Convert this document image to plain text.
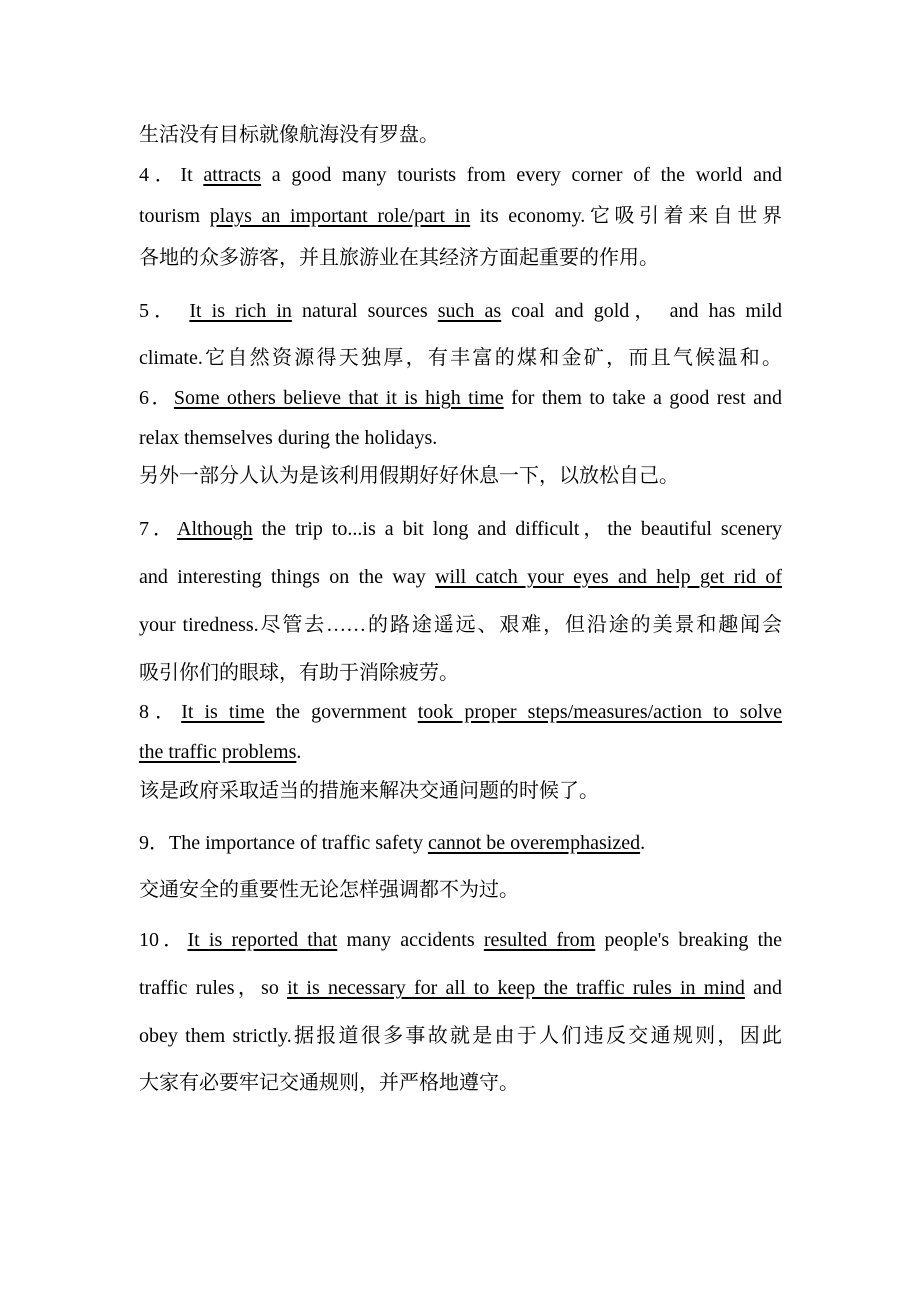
生活没有目标就像航海没有罗盘。
4．It attracts a good many tourists from every corner of the world and
tourism plays an important role/part in its economy.它吸引着来自世界
各地的众多游客，并且旅游业在其经济方面起重要的作用。
5． It is rich in natural sources such as coal and gold， and has mild
climate.它自然资源得天独厚，有丰富的煤和金矿，而且气候温和。
6．Some others believe that it is high time for them to take a good rest and
relax themselves during the holidays.
另外一部分人认为是该利用假期好好休息一下，以放松自己。
7．Although the trip to...is a bit long and difficult，the beautiful scenery
and interesting things on the way will catch your eyes and help get rid of
your tiredness.尽管去……的路途遥远、艰难，但沿途的美景和趣闻会
吸引你们的眼球，有助于消除疲劳。
8．It is time the government took proper steps/measures/action to solve
the traffic problems.
该是政府采取适当的措施来解决交通问题的时候了。
9．The importance of traffic safety cannot be overemphasized.
交通安全的重要性无论怎样强调都不为过。
10．It is reported that many accidents resulted from people's breaking the
traffic rules，so it is necessary for all to keep the traffic rules in mind and
obey them strictly.据报道很多事故就是由于人们违反交通规则，因此
大家有必要牢记交通规则，并严格地遵守。
